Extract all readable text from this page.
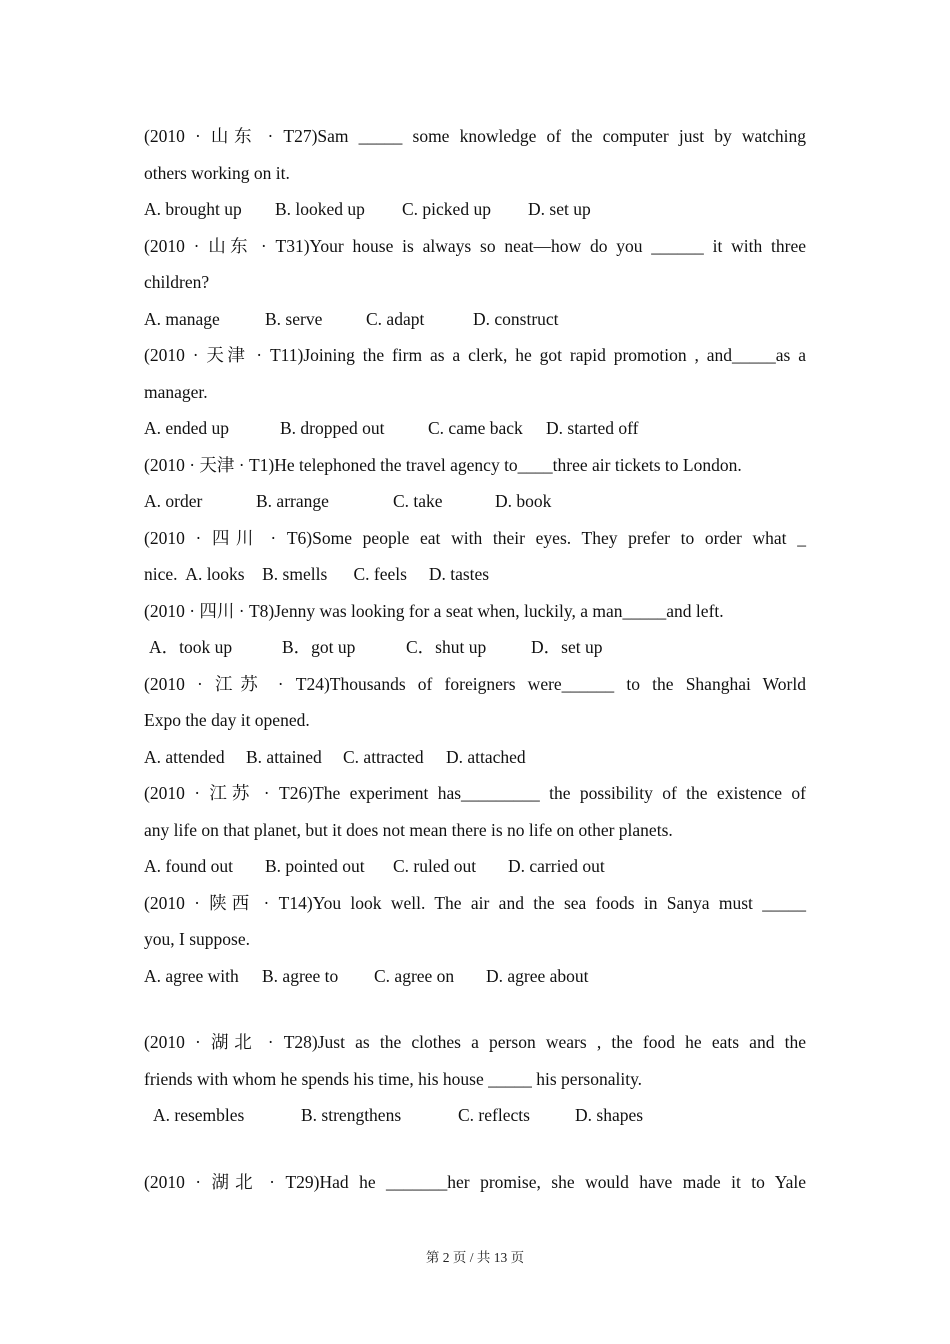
(2010 · 山东 · T27)Sam _____ some knowledge of the computer just by watching
others working on it.
A. brought up B. looked up C. picked up D. set up
(2010 · 山东 · T31)Your house is always so neat—how do you ______ it with three
children?
A. manage	B. serve C. adapt	D. construct
(2010 · 天津 · T11)Joining the firm as a clerk, he got rapid promotion , and_____as a
manager.
A. ended up	B. dropped out C. came back D. started off
(2010 · 天津 · T1)He telephoned the travel agency to____three air tickets to London.
A. order	B. arrange	C. take	D. book
(2010 · 四川 · T6)Some people eat with their eyes. They prefer to order what _
nice.  A. looks    B. smells      C. feels     D. tastes
(2010 · 四川 · T8)Jenny was looking for a seat when, luckily, a man_____and left.
A．took up	B．got up	C．shut up	D．set up
(2010 · 江苏 · T24)Thousands of foreigners were______ to the Shanghai World
Expo the day it opened.
A. attended B. attained C. attracted D. attached
(2010 · 江苏 · T26)The experiment has_________ the possibility of the existence of
any life on that planet, but it does not mean there is no life on other planets.
A. found out B. pointed out C. ruled out D. carried out
(2010 · 陕西 · T14)You look well. The air and the sea foods in Sanya must _____
you, I suppose.
A. agree with B. agree to C. agree on D. agree about
(2010 · 湖北 · T28)Just as the clothes a person wears , the food he eats and the
friends with whom he spends his time, his house _____ his personality.
A. resembles	B. strengthens	C. reflects	D. shapes
(2010 · 湖北 · T29)Had he _______her promise, she would have made it to Yale
第 2 页 / 共 13 页
